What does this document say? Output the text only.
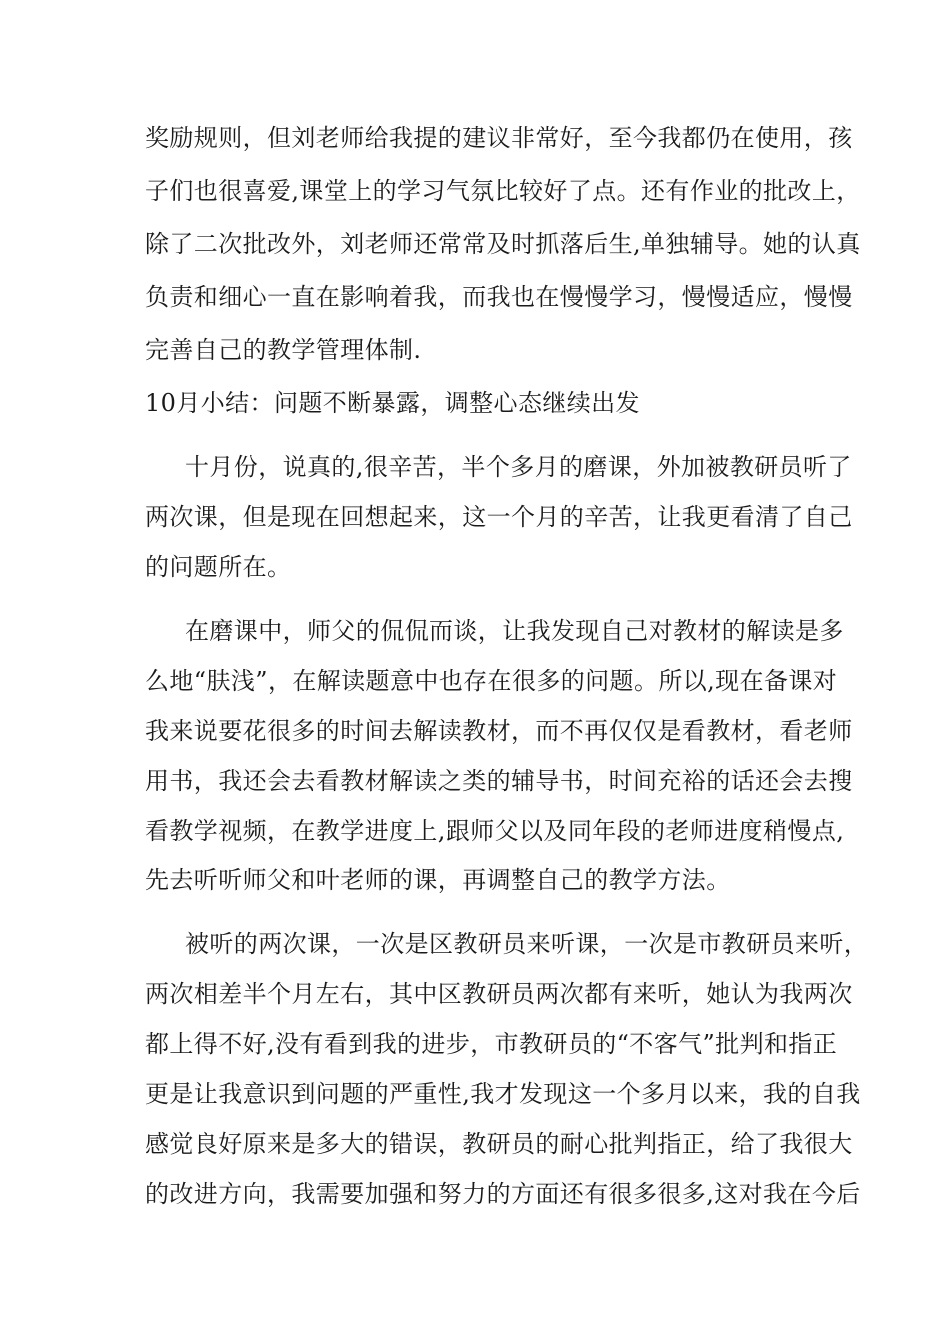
奖励规则，但刘老师给我提的建议非常好，至今我都仍在使用，孩
子们也很喜爱,课堂上的学习气氛比较好了点。还有作业的批改上，
除了二次批改外，刘老师还常常及时抓落后生,单独辅导。她的认真
负责和细心一直在影响着我，而我也在慢慢学习，慢慢适应，慢慢
完善自己的教学管理体制.
10月小结：问题不断暴露，调整心态继续出发
十月份，说真的,很辛苦，半个多月的磨课，外加被教研员听了
两次课，但是现在回想起来，这一个月的辛苦，让我更看清了自己
的问题所在。
在磨课中，师父的侃侃而谈，让我发现自己对教材的解读是多
么地“肤浅”，在解读题意中也存在很多的问题。所以,现在备课对
我来说要花很多的时间去解读教材，而不再仅仅是看教材，看老师
用书，我还会去看教材解读之类的辅导书，时间充裕的话还会去搜
看教学视频，在教学进度上,跟师父以及同年段的老师进度稍慢点,
先去听听师父和叶老师的课，再调整自己的教学方法。
被听的两次课，一次是区教研员来听课，一次是市教研员来听，
两次相差半个月左右，其中区教研员两次都有来听，她认为我两次
都上得不好,没有看到我的进步，市教研员的“不客气”批判和指正
更是让我意识到问题的严重性,我才发现这一个多月以来，我的自我
感觉良好原来是多大的错误，教研员的耐心批判指正，给了我很大
的改进方向，我需要加强和努力的方面还有很多很多,这对我在今后
